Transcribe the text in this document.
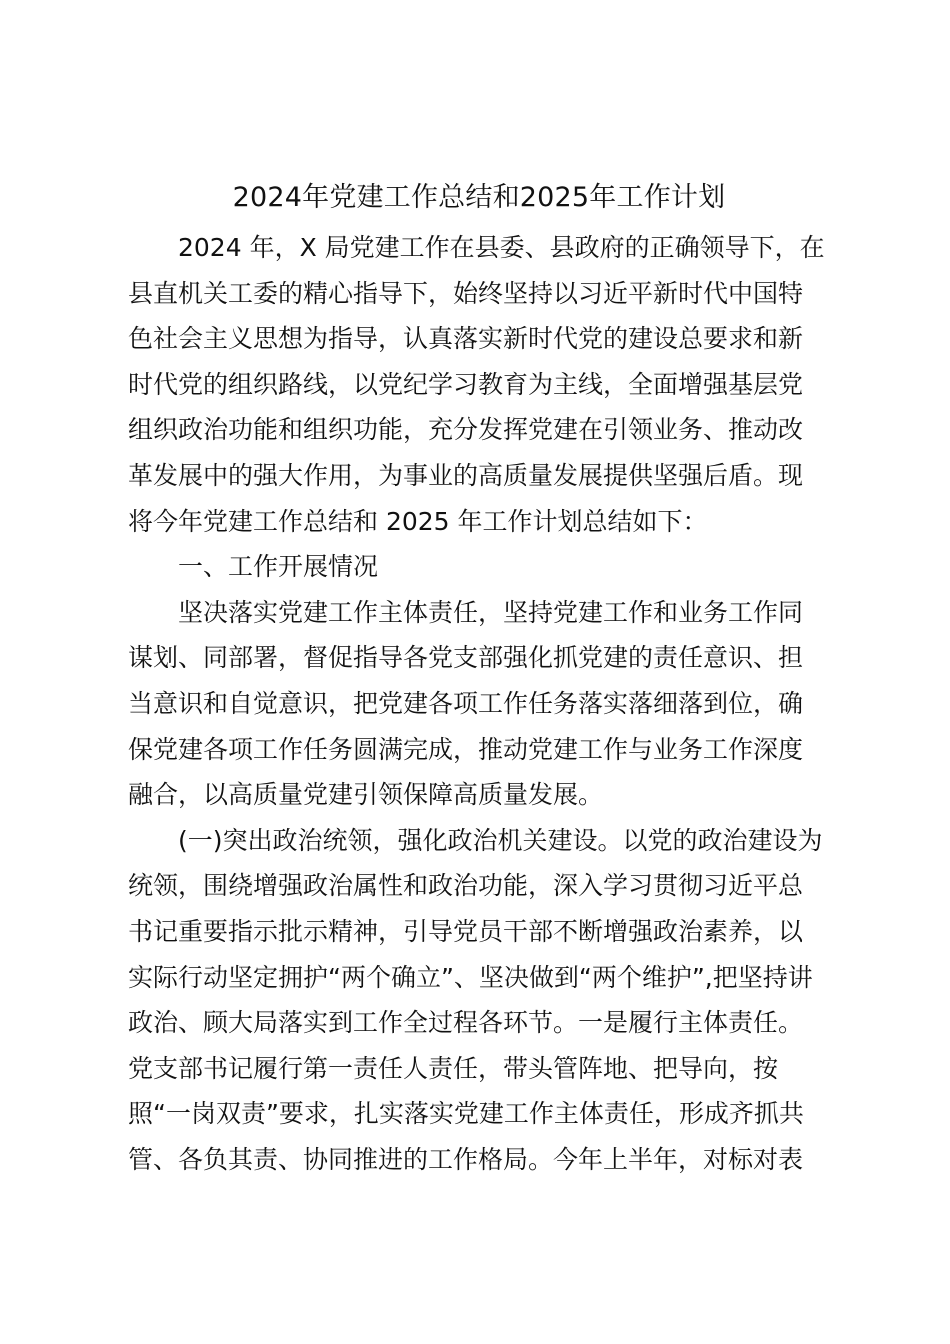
2024年党建工作总结和2025年工作计划
2024 年，X 局党建工作在县委、县政府的正确领导下，在
县直机关工委的精心指导下，始终坚持以习近平新时代中国特
色社会主义思想为指导，认真落实新时代党的建设总要求和新
时代党的组织路线，以党纪学习教育为主线，全面增强基层党
组织政治功能和组织功能，充分发挥党建在引领业务、推动改
革发展中的强大作用，为事业的高质量发展提供坚强后盾。现
将今年党建工作总结和 2025 年工作计划总结如下：
一、工作开展情况
坚决落实党建工作主体责任，坚持党建工作和业务工作同
谋划、同部署，督促指导各党支部强化抓党建的责任意识、担
当意识和自觉意识，把党建各项工作任务落实落细落到位，确
保党建各项工作任务圆满完成，推动党建工作与业务工作深度
融合，以高质量党建引领保障高质量发展。
(一)突出政治统领，强化政治机关建设。以党的政治建设为
统领，围绕增强政治属性和政治功能，深入学习贯彻习近平总
书记重要指示批示精神，引导党员干部不断增强政治素养，以
实际行动坚定拥护“两个确立”、坚决做到“两个维护”,把坚持讲
政治、顾大局落实到工作全过程各环节。一是履行主体责任。
党支部书记履行第一责任人责任，带头管阵地、把导向，按
照“一岗双责”要求，扎实落实党建工作主体责任，形成齐抓共
管、各负其责、协同推进的工作格局。今年上半年，对标对表
